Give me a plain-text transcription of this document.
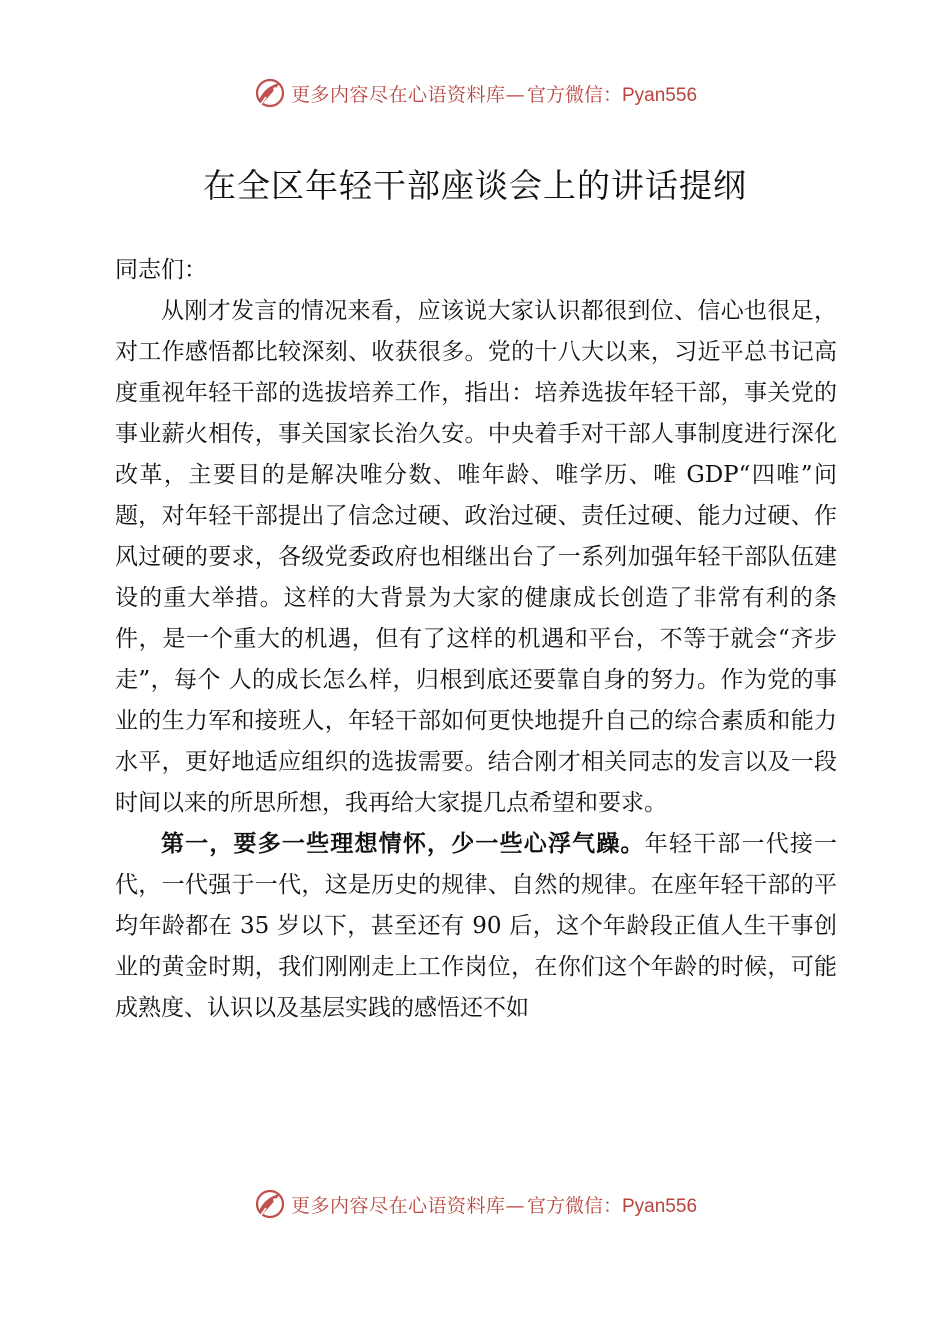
更多内容尽在心语资料库— 官方微信：Pyan556
在全区年轻干部座谈会上的讲话提纲

同志们：

从刚才发言的情况来看，应该说大家认识都很到位、信心也很足，对工作感悟都比较深刻、收获很多。党的十八大以来，习近平总书记高度重视年轻干部的选拔培养工作，指出：培养选拔年轻干部，事关党的事业薪火相传，事关国家长治久安。中央着手对干部人事制度进行深化改革，主要目的是解决唯分数、唯年龄、唯学历、唯 GDP“四唯”问题，对年轻干部提出了信念过硬、政治过硬、责任过硬、能力过硬、作风过硬的要求，各级党委政府也相继出台了一系列加强年轻干部队伍建设的重大举措。这样的大背景为大家的健康成长创造了非常有利的条件，是一个重大的机遇，但有了这样的机遇和平台，不等于就会“齐步走”，每个 人的成长怎么样，归根到底还要靠自身的努力。作为党的事业的生力军和接班人，年轻干部如何更快地提升自己的综合素质和能力水平，更好地适应组织的选拔需要。结合刚才相关同志的发言以及一段时间以来的所思所想，我再给大家提几点希望和要求。

第一，要多一些理想情怀，少一些心浮气躁。年轻干部一代接一代，一代强于一代，这是历史的规律、自然的规律。在座年轻干部的平均年龄都在 35 岁以下，甚至还有 90 后，这个年龄段正值人生干事创业的黄金时期，我们刚刚走上工作岗位，在你们这个年龄的时候，可能成熟度、认识以及基层实践的感悟还不如

更多内容尽在心语资料库— 官方微信：Pyan556
